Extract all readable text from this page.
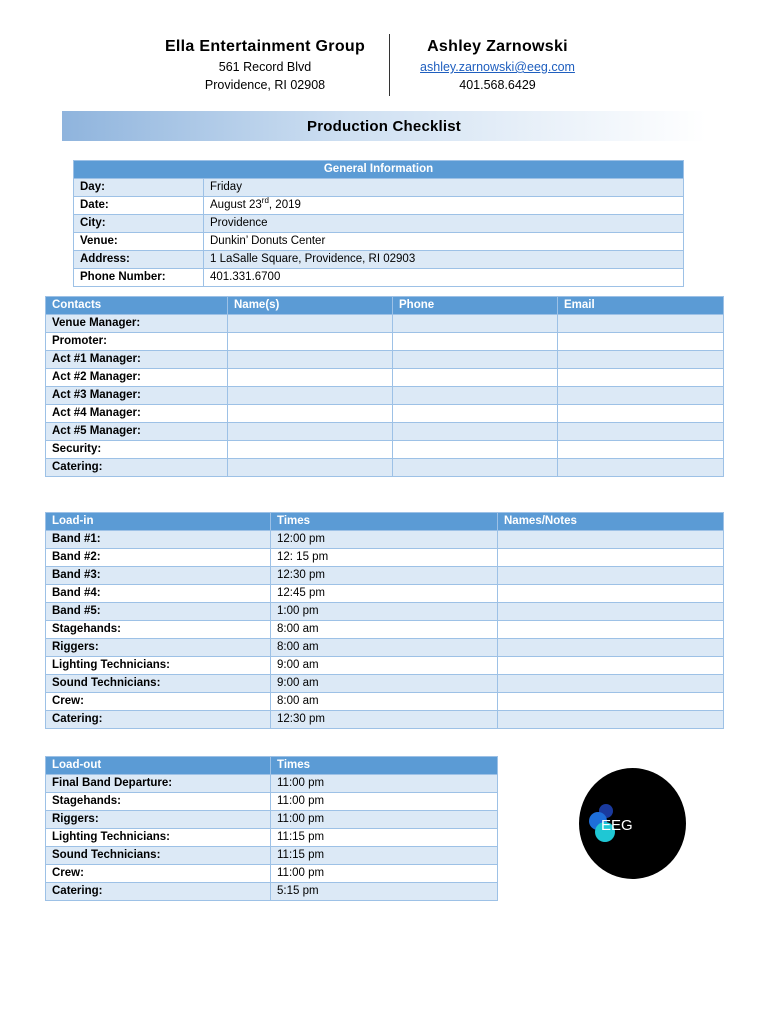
Ella Entertainment Group
561 Record Blvd
Providence, RI 02908
Ashley Zarnowski
ashley.zarnowski@eeg.com
401.568.6429
Production Checklist
General Information	
Day:	Friday
Date:	August 23rd, 2019
City:	Providence
Venue:	Dunkin’ Donuts Center
Address:	1 LaSalle Square, Providence, RI 02903
Phone Number:	401.331.6700
Contacts	Name(s)	Phone	Email
Venue Manager:			
Promoter:			
Act #1 Manager:			
Act #2 Manager:			
Act #3 Manager:			
Act #4 Manager:			
Act #5 Manager:			
Security:			
Catering:			
Load-in	Times	Names/Notes
Band #1:	12:00 pm	
Band #2:	12: 15 pm	
Band #3:	12:30 pm	
Band #4:	12:45 pm	
Band #5:	1:00 pm	
Stagehands:	8:00 am	
Riggers:	8:00 am	
Lighting Technicians:	9:00 am	
Sound Technicians:	9:00 am	
Crew:	8:00 am	
Catering:	12:30 pm	
Load-out	Times
Final Band Departure:	11:00 pm
Stagehands:	11:00 pm
Riggers:	11:00 pm
Lighting Technicians:	11:15 pm
Sound Technicians:	11:15 pm
Crew:	11:00 pm
Catering:	5:15 pm
EEG
